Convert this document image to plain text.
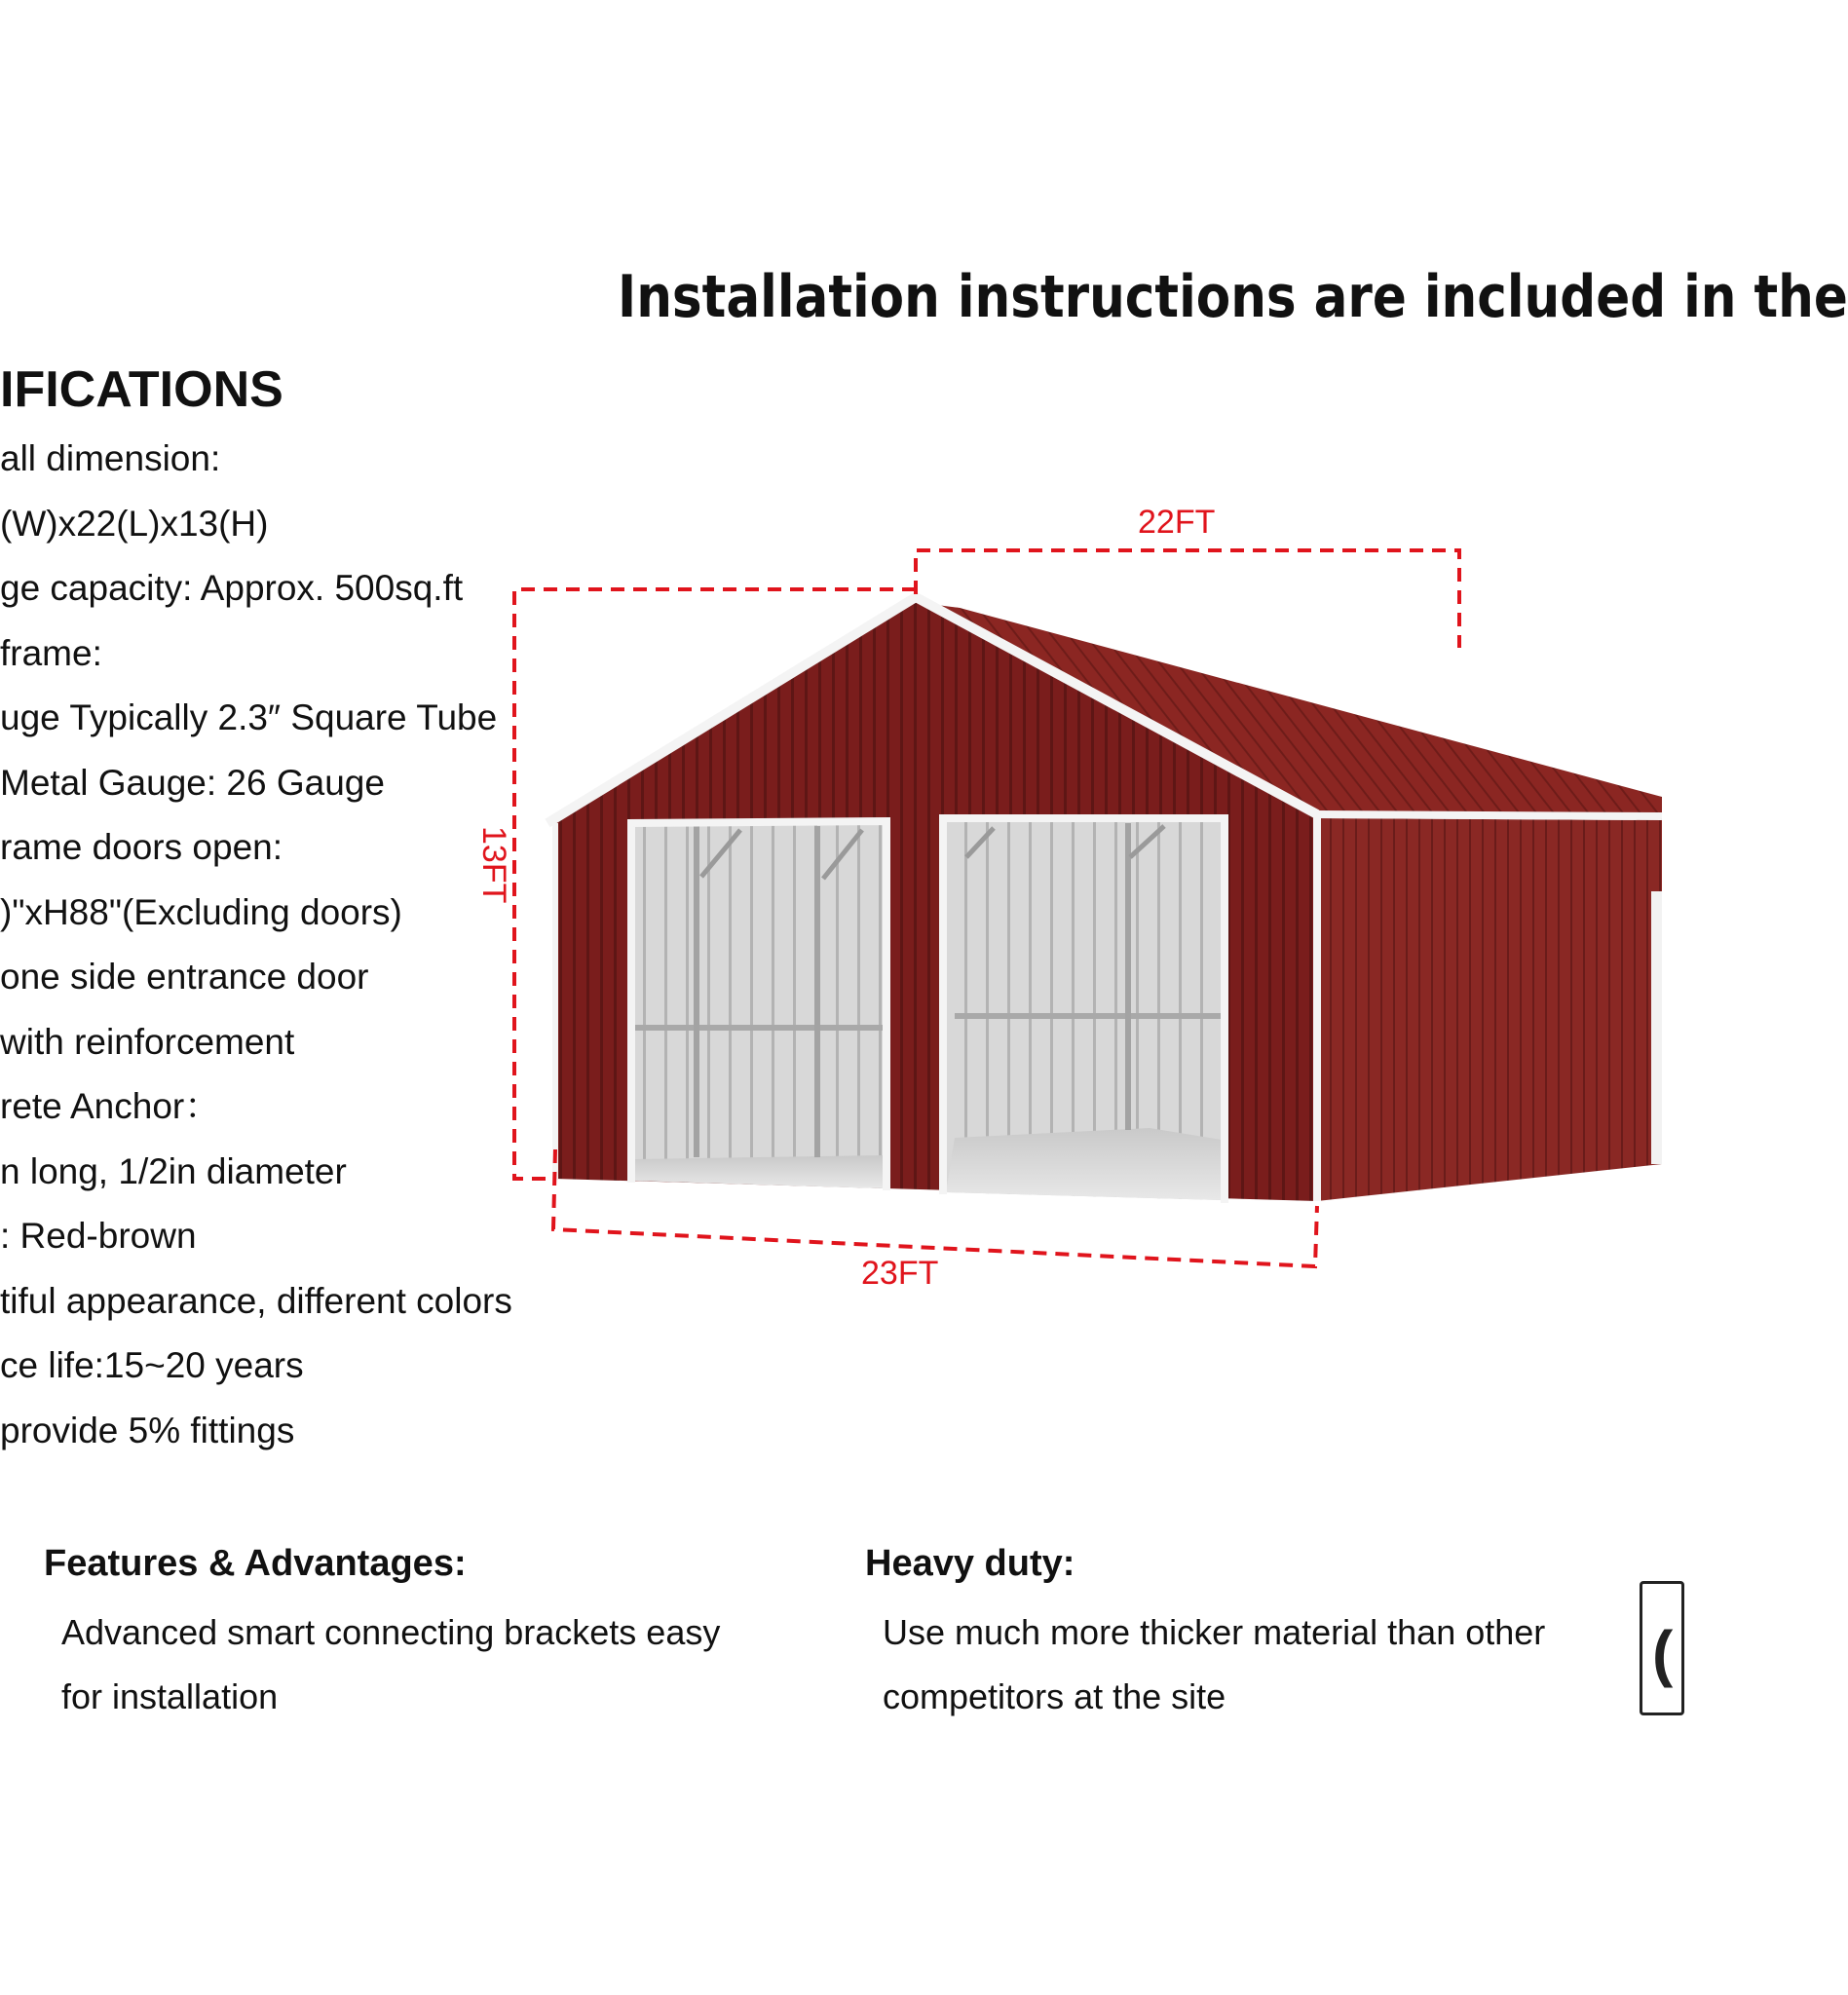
Installation instructions are included in the
IFICATIONS
all dimension:
(W)x22(L)x13(H)
ge capacity: Approx. 500sq.ft
frame:
uge Typically 2.3″ Square Tube
Metal Gauge: 26 Gauge
rame doors open:
)"xH88"(Excluding doors)
one side entrance door
with reinforcement
rete Anchor：
n long, 1/2in diameter
: Red-brown
tiful appearance, different colors
ce life:15~20 years
provide 5% fittings
22FT
13FT
23FT
Features & Advantages:

Advanced smart connecting brackets easy
for installation

Heavy duty:

Use much more thicker material than other
competitors at the site

(
